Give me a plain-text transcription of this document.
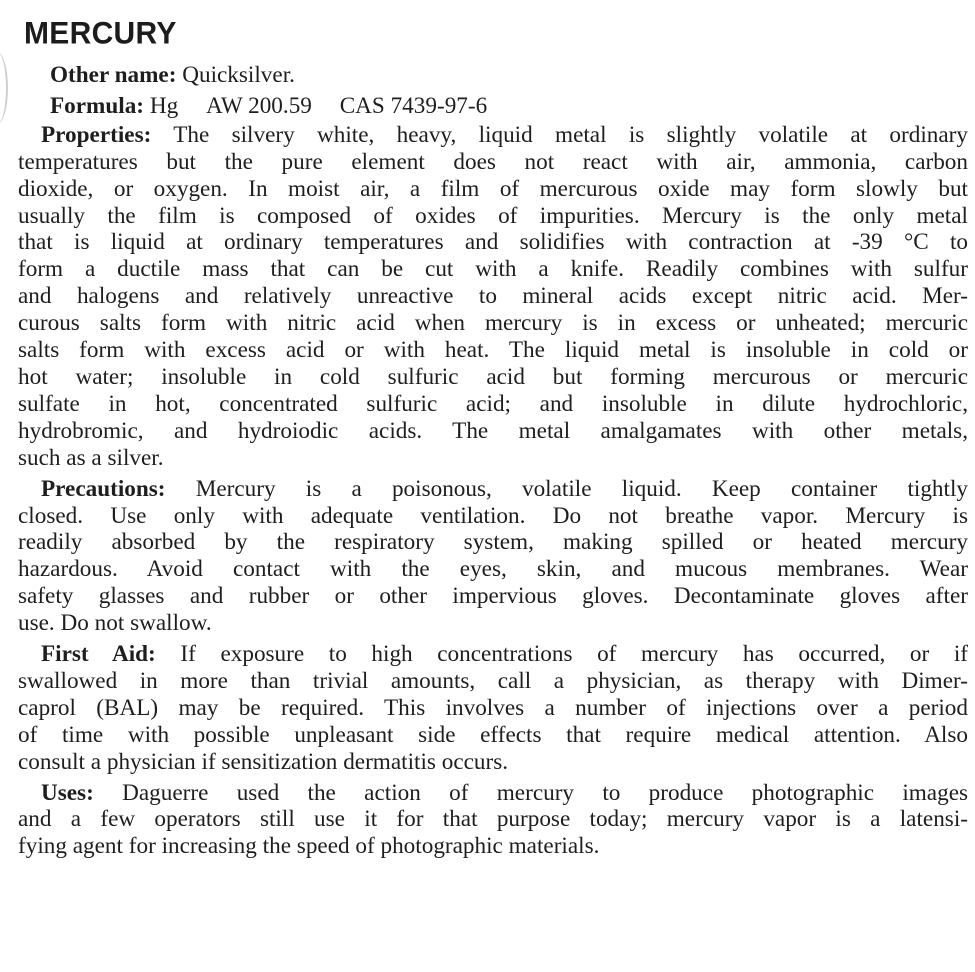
MERCURY

Other name: Quicksilver.

Formula: Hg AW 200.59 CAS 7439-97-6

Properties: The silvery white, heavy, liquid metal is slightly volatile at ordinary
temperatures but the pure element does not react with air, ammonia, carbon
dioxide, or oxygen. In moist air, a film of mercurous oxide may form slowly but
usually the film is composed of oxides of impurities. Mercury is the only metal
that is liquid at ordinary temperatures and solidifies with contraction at -39 °C to
form a ductile mass that can be cut with a knife. Readily combines with sulfur
and halogens and relatively unreactive to mineral acids except nitric acid. Mer-
curous salts form with nitric acid when mercury is in excess or unheated; mercuric
salts form with excess acid or with heat. The liquid metal is insoluble in cold or
hot water; insoluble in cold sulfuric acid but forming mercurous or mercuric
sulfate in hot, concentrated sulfuric acid; and insoluble in dilute hydrochloric,
hydrobromic, and hydroiodic acids. The metal amalgamates with other metals,
such as a silver.
Precautions: Mercury is a poisonous, volatile liquid. Keep container tightly
closed. Use only with adequate ventilation. Do not breathe vapor. Mercury is
readily absorbed by the respiratory system, making spilled or heated mercury
hazardous. Avoid contact with the eyes, skin, and mucous membranes. Wear
safety glasses and rubber or other impervious gloves. Decontaminate gloves after
use. Do not swallow.
First Aid: If exposure to high concentrations of mercury has occurred, or if
swallowed in more than trivial amounts, call a physician, as therapy with Dimer-
caprol (BAL) may be required. This involves a number of injections over a period
of time with possible unpleasant side effects that require medical attention. Also
consult a physician if sensitization dermatitis occurs.
Uses: Daguerre used the action of mercury to produce photographic images
and a few operators still use it for that purpose today; mercury vapor is a latensi-
fying agent for increasing the speed of photographic materials.
